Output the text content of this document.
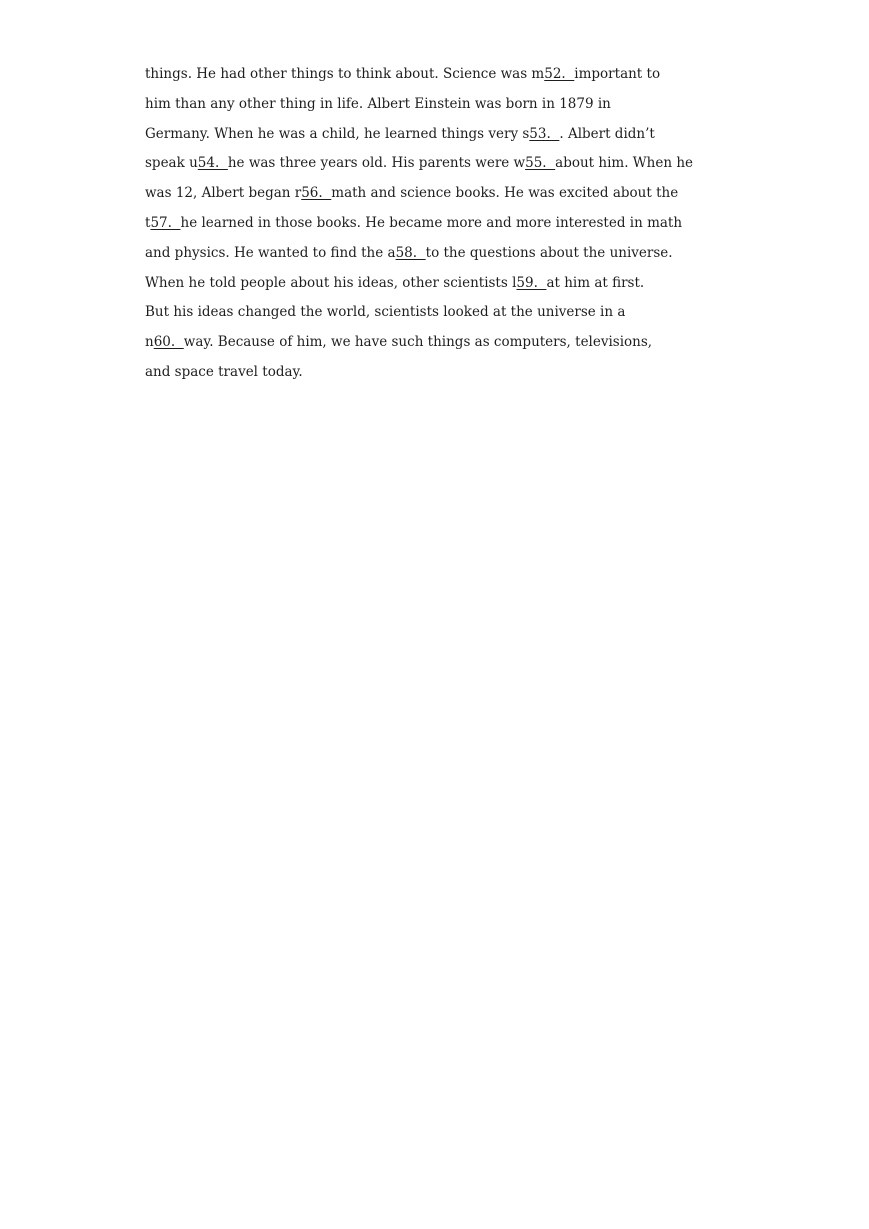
things. He had other things to think about. Science was m52.  important to
him than any other thing in life. Albert Einstein was born in 1879 in
Germany. When he was a child, he learned things very s53.  . Albert didn’t
speak u54.  he was three years old. His parents were w55.  about him. When he
was 12, Albert began r56.  math and science books. He was excited about the
t57.  he learned in those books. He became more and more interested in math
and physics. He wanted to find the a58.  to the questions about the universe.
When he told people about his ideas, other scientists l59.  at him at first.
But his ideas changed the world, scientists looked at the universe in a
n60.  way. Because of him, we have such things as computers, televisions,
and space travel today.
